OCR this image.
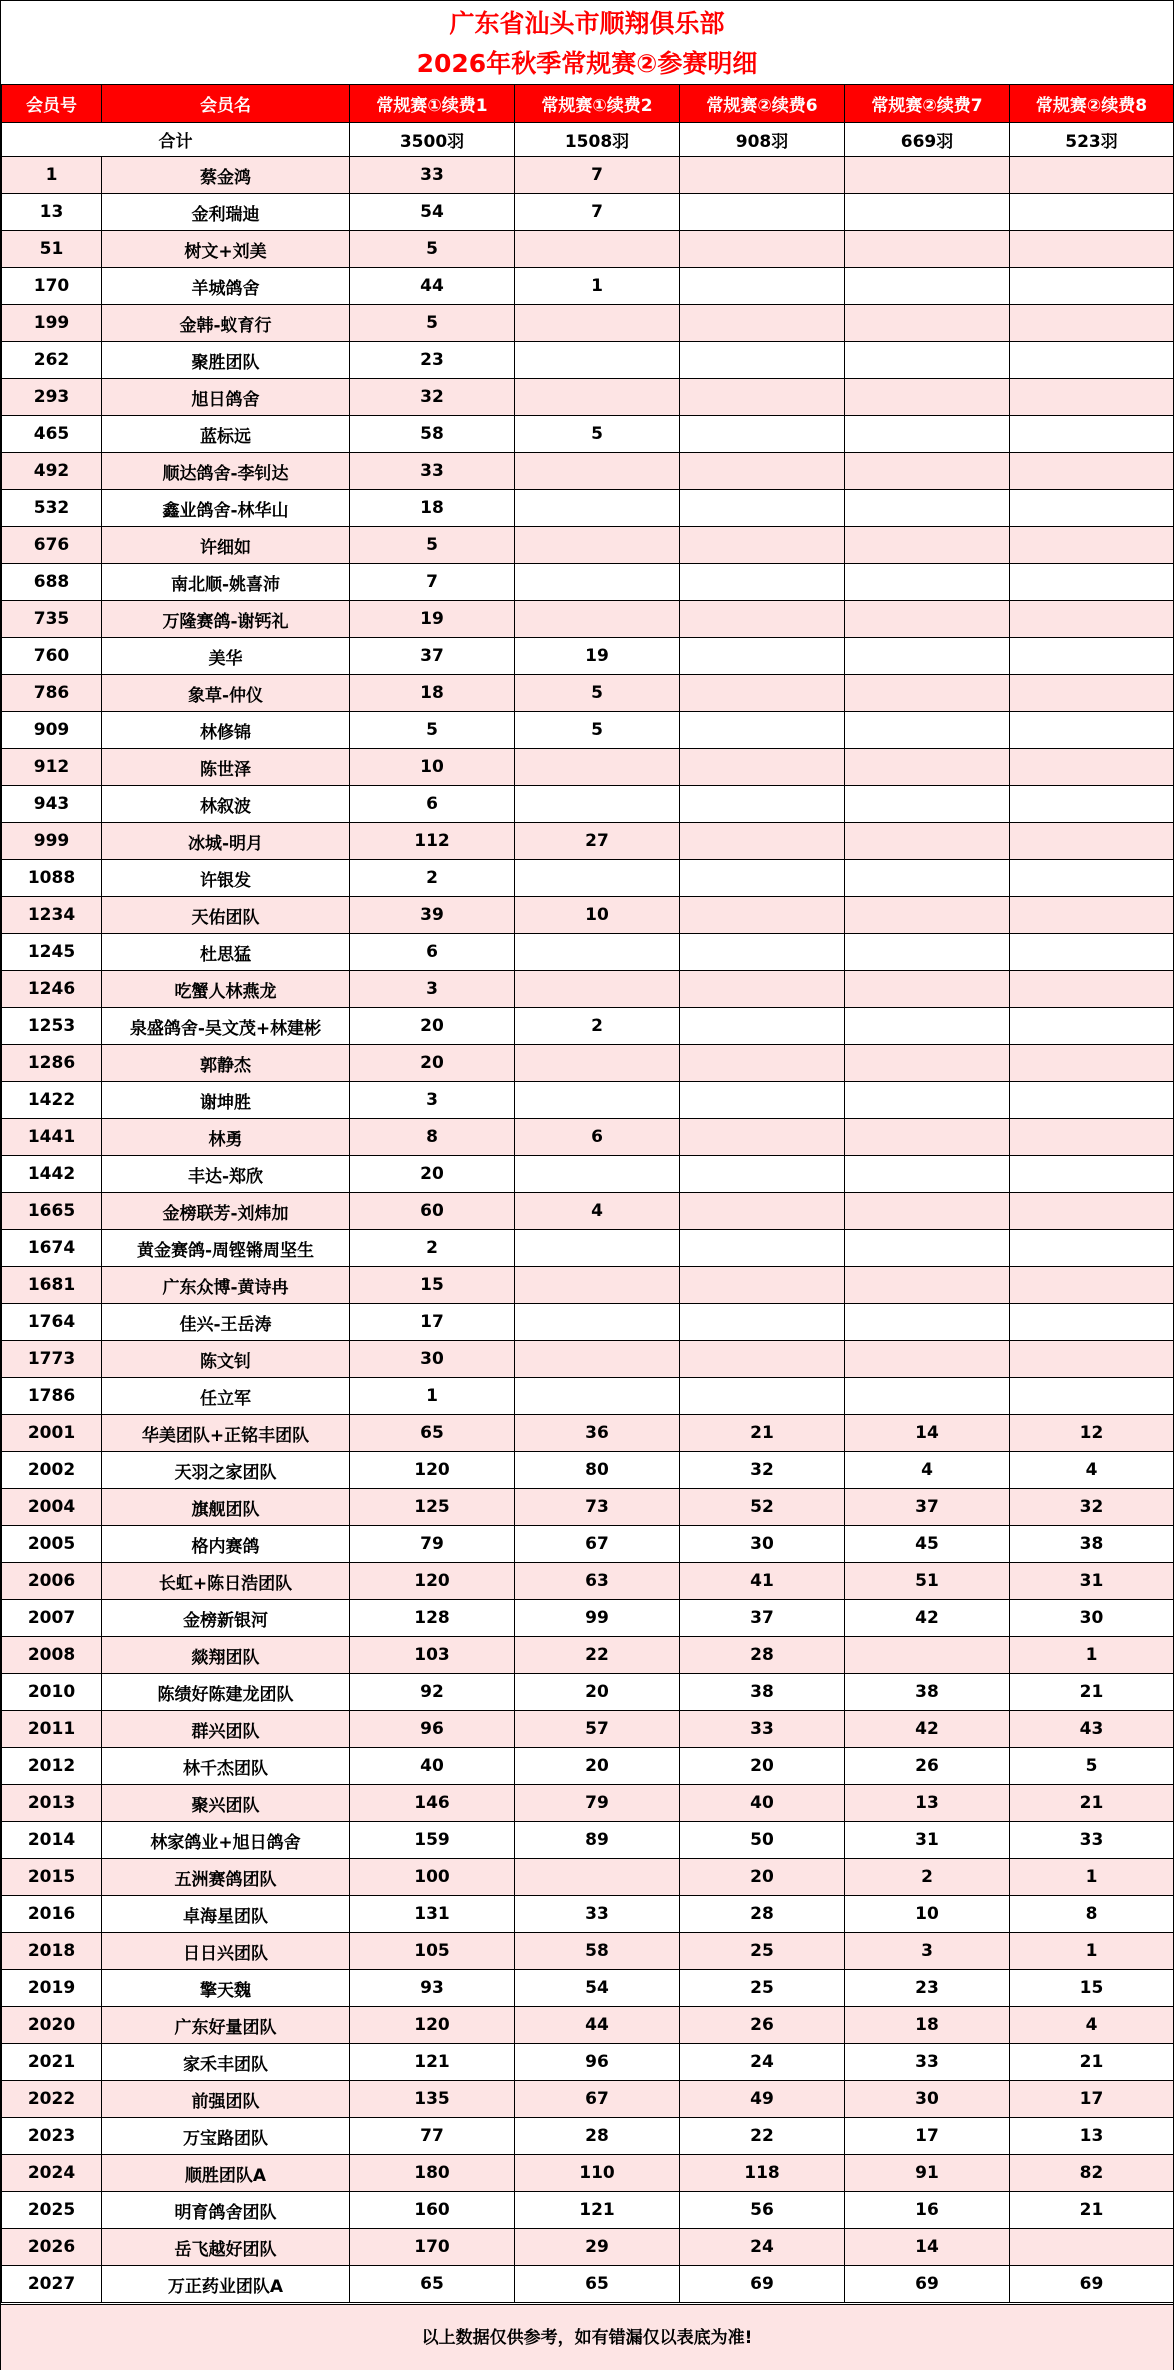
广东省汕头市顺翔俱乐部
2026年秋季常规赛②参赛明细
会员号	会员名	常规赛①续费1	常规赛①续费2	常规赛②续费6	常规赛②续费7	常规赛②续费8
合计		3500羽	1508羽	908羽	669羽	523羽
1	蔡金鸿	33	7			
13	金利瑞迪	54	7			
51	树文+刘美	5				
170	羊城鸽舍	44	1			
199	金韩-蚁育行	5				
262	聚胜团队	23				
293	旭日鸽舍	32				
465	蓝标远	58	5			
492	顺达鸽舍-李钊达	33				
532	鑫业鸽舍-林华山	18				
676	许细如	5				
688	南北顺-姚喜沛	7				
735	万隆赛鸽-谢钙礼	19				
760	美华	37	19			
786	象草-仲仪	18	5			
909	林修锦	5	5			
912	陈世泽	10				
943	林叙波	6				
999	冰城-明月	112	27			
1088	许银发	2				
1234	天佑团队	39	10			
1245	杜思猛	6				
1246	吃蟹人林燕龙	3				
1253	泉盛鸽舍-吴文茂+林建彬	20	2			
1286	郭静杰	20				
1422	谢坤胜	3				
1441	林勇	8	6			
1442	丰达-郑欣	20				
1665	金榜联芳-刘炜加	60	4			
1674	黄金赛鸽-周铿锵周坚生	2				
1681	广东众博-黄诗冉	15				
1764	佳兴-王岳涛	17				
1773	陈文钊	30				
1786	任立军	1				
2001	华美团队+正铭丰团队	65	36	21	14	12
2002	天羽之家团队	120	80	32	4	4
2004	旗舰团队	125	73	52	37	32
2005	格内赛鸽	79	67	30	45	38
2006	长虹+陈日浩团队	120	63	41	51	31
2007	金榜新银河	128	99	37	42	30
2008	燚翔团队	103	22	28		1
2010	陈绩好陈建龙团队	92	20	38	38	21
2011	群兴团队	96	57	33	42	43
2012	林千杰团队	40	20	20	26	5
2013	聚兴团队	146	79	40	13	21
2014	林家鸽业+旭日鸽舍	159	89	50	31	33
2015	五洲赛鸽团队	100		20	2	1
2016	卓海星团队	131	33	28	10	8
2018	日日兴团队	105	58	25	3	1
2019	擎天魏	93	54	25	23	15
2020	广东好量团队	120	44	26	18	4
2021	家禾丰团队	121	96	24	33	21
2022	前强团队	135	67	49	30	17
2023	万宝路团队	77	28	22	17	13
2024	顺胜团队A	180	110	118	91	82
2025	明育鸽舍团队	160	121	56	16	21
2026	岳飞越好团队	170	29	24	14	
2027	万正药业团队A	65	65	69	69	69
以上数据仅供参考，如有错漏仅以表底为准!
